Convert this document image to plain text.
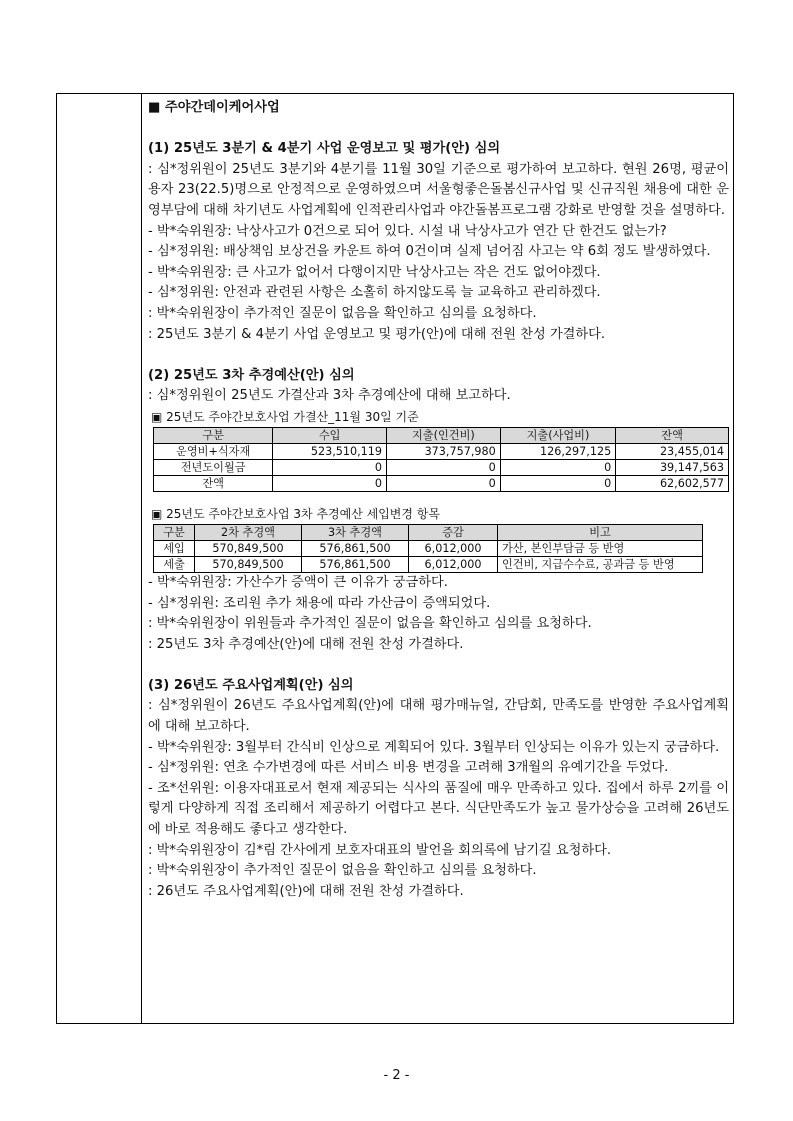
■ 주야간데이케어사업

(1) 25년도 3분기 & 4분기 사업 운영보고 및 평가(안) 심의

: 심*정위원이 25년도 3분기와 4분기를 11월 30일 기준으로 평가하여 보고하다. 현원 26명, 평균이용자 23(22.5)명으로 안정적으로 운영하였으며 서울형좋은돌봄신규사업 및 신규직원 채용에 대한 운영부담에 대해 차기년도 사업계획에 인적관리사업과 야간돌봄프로그램 강화로 반영할 것을 설명하다.

- 박*숙위원장: 낙상사고가 0건으로 되어 있다. 시설 내 낙상사고가 연간 단 한건도 없는가?

- 심*정위원: 배상책임 보상건을 카운트 하여 0건이며 실제 넘어짐 사고는 약 6회 정도 발생하였다.

- 박*숙위원장: 큰 사고가 없어서 다행이지만 낙상사고는 작은 건도 없어야겠다.

- 심*정위원: 안전과 관련된 사항은 소홀히 하지않도록 늘 교육하고 관리하겠다.

: 박*숙위원장이 추가적인 질문이 없음을 확인하고 심의를 요청하다.

: 25년도 3분기 & 4분기 사업 운영보고 및 평가(안)에 대해 전원 찬성 가결하다.

(2) 25년도 3차 추경예산(안) 심의

: 심*정위원이 25년도 가결산과 3차 추경예산에 대해 보고하다.

▣ 25년도 주야간보호사업 가결산_11월 30일 기준
구분	수입	지출(인건비)	지출(사업비)	잔액
운영비+식자재	523,510,119	373,757,980	126,297,125	23,455,014
전년도이월금	0	0	0	39,147,563
잔액	0	0	0	62,602,577
▣ 25년도 주야간보호사업 3차 추경예산 세입변경 항목
구분	2차 추경액	3차 추경액	증감	비고
세입	570,849,500	576,861,500	6,012,000	가산, 본인부담금 등 반영
세출	570,849,500	576,861,500	6,012,000	인건비, 지급수수료, 공과금 등 반영

- 박*숙위원장: 가산수가 증액이 큰 이유가 궁금하다.

- 심*정위원: 조리원 추가 채용에 따라 가산금이 증액되었다.

: 박*숙위원장이 위원들과 추가적인 질문이 없음을 확인하고 심의를 요청하다.

: 25년도 3차 추경예산(안)에 대해 전원 찬성 가결하다.

(3) 26년도 주요사업계획(안) 심의

: 심*정위원이 26년도 주요사업계획(안)에 대해 평가매뉴얼, 간담회, 만족도를 반영한 주요사업계획에 대해 보고하다.

- 박*숙위원장: 3월부터 간식비 인상으로 계획되어 있다. 3월부터 인상되는 이유가 있는지 궁금하다.

- 심*정위원: 연초 수가변경에 따른 서비스 비용 변경을 고려해 3개월의 유예기간을 두었다.

- 조*선위원: 이용자대표로서 현재 제공되는 식사의 품질에 매우 만족하고 있다. 집에서 하루 2끼를 이렇게 다양하게 직접 조리해서 제공하기 어렵다고 본다. 식단만족도가 높고 물가상승을 고려해 26년도에 바로 적용해도 좋다고 생각한다.

: 박*숙위원장이 김*림 간사에게 보호자대표의 발언을 회의록에 남기길 요청하다.

: 박*숙위원장이 추가적인 질문이 없음을 확인하고 심의를 요청하다.

: 26년도 주요사업계획(안)에 대해 전원 찬성 가결하다.

- 2 -
